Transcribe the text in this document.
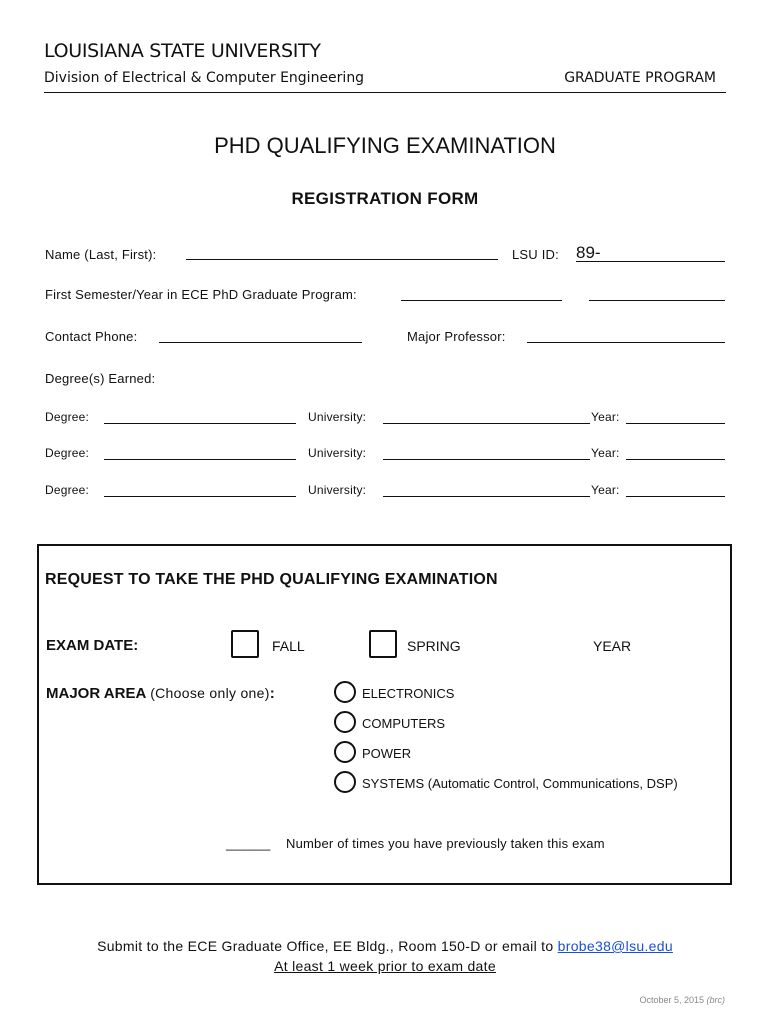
LOUISIANA STATE UNIVERSITY
Division of Electrical & Computer Engineering	GRADUATE PROGRAM
PHD QUALIFYING EXAMINATION
REGISTRATION FORM
Name (Last, First):	LSU ID: 89-
First Semester/Year in ECE PhD Graduate Program:
Contact Phone:	Major Professor:
Degree(s) Earned:
Degree:	University:	Year:
Degree:	University:	Year:
Degree:	University:	Year:
REQUEST TO TAKE THE PHD QUALIFYING EXAMINATION
EXAM DATE:	FALL	SPRING	YEAR
MAJOR AREA (Choose only one):	ELECTRONICS
COMPUTERS
POWER
SYSTEMS (Automatic Control, Communications, DSP)
______ Number of times you have previously taken this exam
Submit to the ECE Graduate Office, EE Bldg., Room 150-D or email to brobe38@lsu.edu
At least 1 week prior to exam date
October 5, 2015 (brc)
